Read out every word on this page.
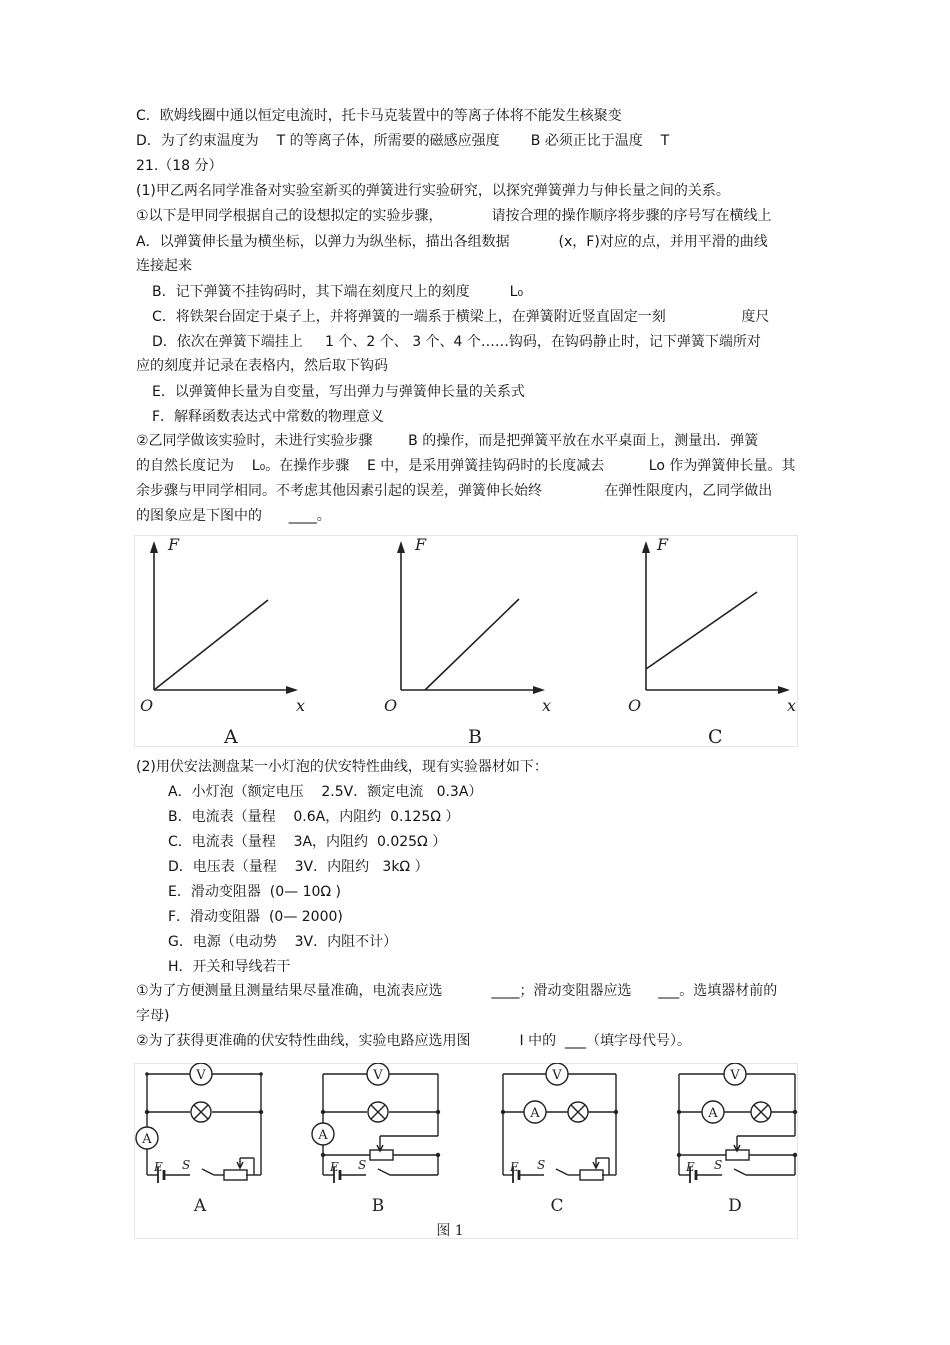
C．欧姆线圈中通以恒定电流时，托卡马克装置中的等离子体将不能发生核聚变
D．为了约束温度为    T 的等离子体，所需要的磁感应强度       B 必须正比于温度    T
21.（18 分）
(1)甲乙两名同学准备对实验室新买的弹簧进行实验研究，以探究弹簧弹力与伸长量之间的关系。
①以下是甲同学根据自己的设想拟定的实验步骤，           请按合理的操作顺序将步骤的序号写在横线上
A．以弹簧伸长量为横坐标，以弹力为纵坐标，描出各组数据           (x，F)对应的点，并用平滑的曲线
连接起来
B．记下弹簧不挂钩码时，其下端在刻度尺上的刻度         L₀
C．将铁架台固定于桌子上，并将弹簧的一端系于横梁上，在弹簧附近竖直固定一刻                 度尺
D．依次在弹簧下端挂上     1 个、2 个、 3 个、4 个……钩码，在钩码静止时，记下弹簧下端所对
应的刻度并记录在表格内，然后取下钩码
E．以弹簧伸长量为自变量，写出弹力与弹簧伸长量的关系式
F．解释函数表达式中常数的物理意义
②乙同学做该实验时，未进行实验步骤        B 的操作，而是把弹簧平放在水平桌面上，测量出．弹簧
的自然长度记为    L₀。在操作步骤    E 中，是采用弹簧挂钩码时的长度减去          Lo 作为弹簧伸长量。其
余步骤与甲同学相同。不考虑其他因素引起的误差，弹簧伸长始终              在弹性限度内，乙同学做出
的图象应是下图中的      ____。
F
O	x
A
F
O	x
B
F
O	x
C
(2)用伏安法测盘某一小灯泡的伏安特性曲线，现有实验器材如下：
A．小灯泡（额定电压    2.5V．额定电流   0.3A）
B．电流表（量程    0.6A，内阻约  0.125Ω ）
C．电流表（量程    3A，内阻约  0.025Ω ）
D．电压表（量程    3V．内阻约   3kΩ ）
E．滑动变阻器  (0— 10Ω )
F．滑动变阻器  (0— 2000)
G．电源（电动势    3V．内阻不计）
H．开关和导线若干
①为了方便测量且测量结果尽量准确，电流表应选           ____；滑动变阻器应选      ___。选填器材前的
字母)
②为了获得更准确的伏安特性曲线，实验电路应选用图           I 中的  ___（填字母代号）。
V
A
V
A
V
A
V
A
E S	E S	E S	E S
A	B	C	D
图 1
